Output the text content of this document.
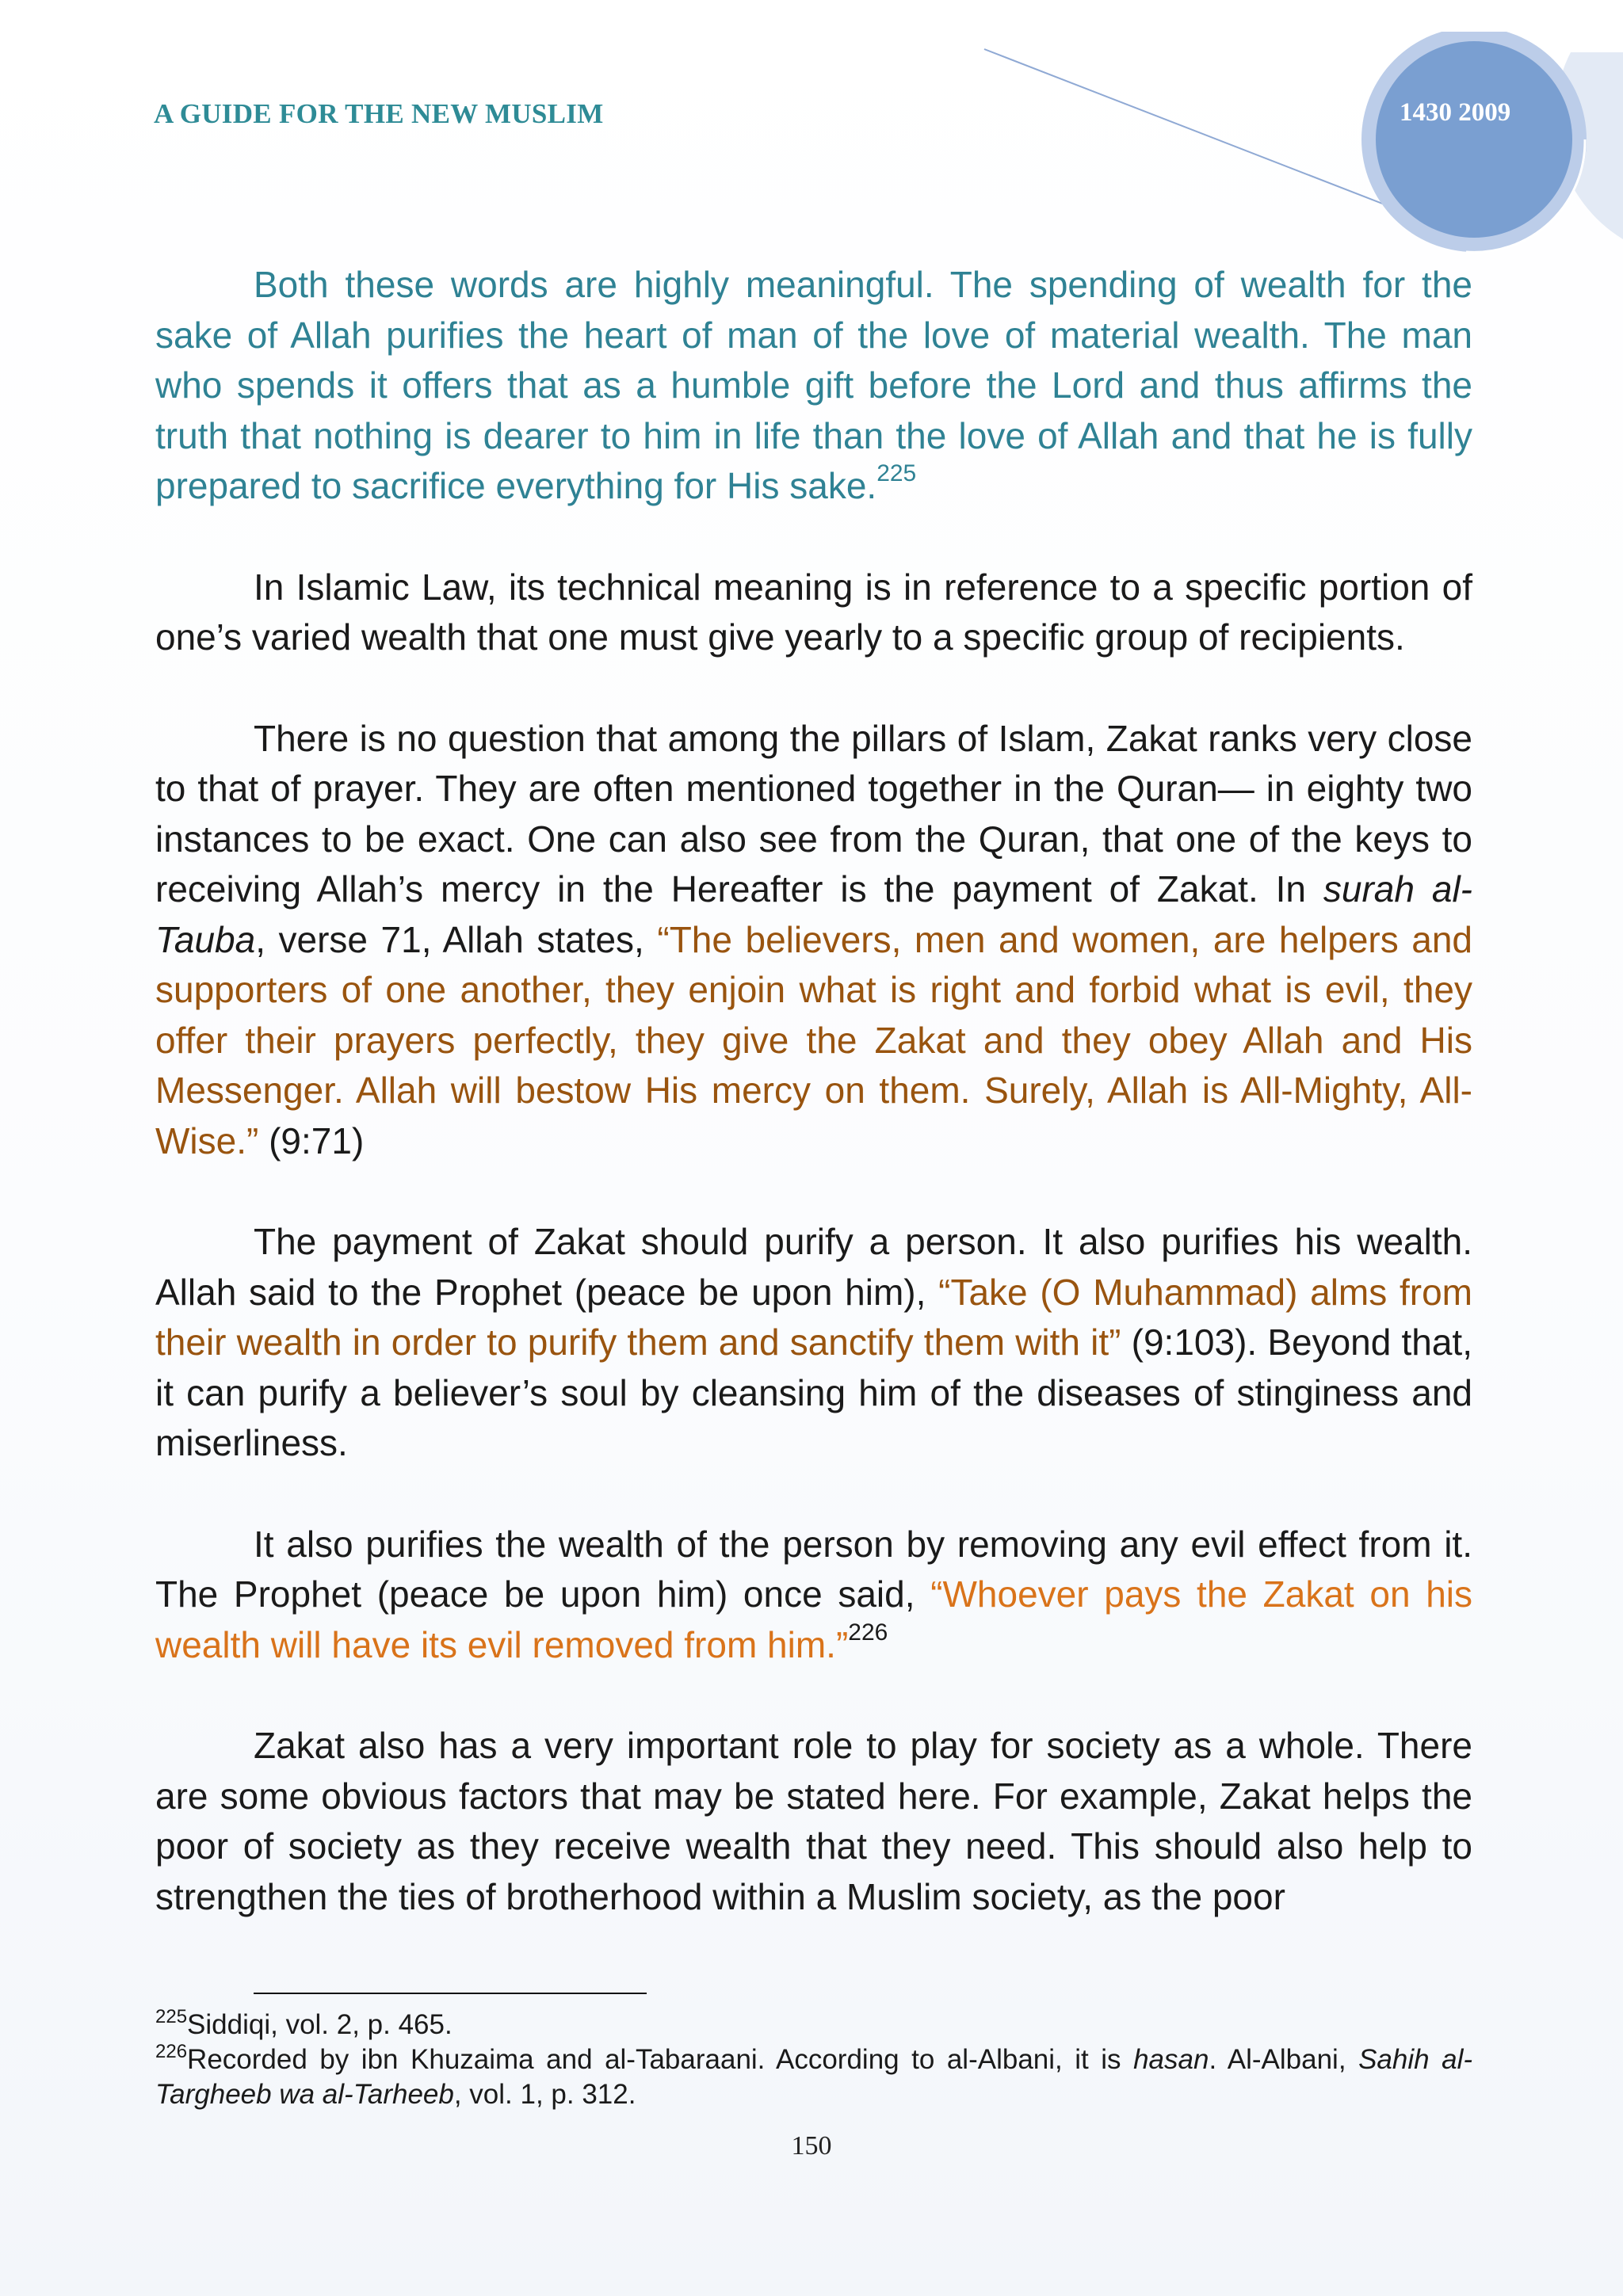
A GUIDE FOR THE NEW MUSLIM	1430 2009

Both these words are highly meaningful. The spending of wealth for the sake of Allah purifies the heart of man of the love of material wealth. The man who spends it offers that as a humble gift before the Lord and thus affirms the truth that nothing is dearer to him in life than the love of Allah and that he is fully prepared to sacrifice everything for His sake.$^{225}$

In Islamic Law, its technical meaning is in reference to a specific portion of one’s varied wealth that one must give yearly to a specific group of recipients.

There is no question that among the pillars of Islam, Zakat ranks very close to that of prayer. They are often mentioned together in the Quran— in eighty two instances to be exact. One can also see from the Quran, that one of the keys to receiving Allah’s mercy in the Hereafter is the payment of Zakat. In surah al-Tauba, verse 71, Allah states, “The believers, men and women, are helpers and supporters of one another, they enjoin what is right and forbid what is evil, they offer their prayers perfectly, they give the Zakat and they obey Allah and His Messenger. Allah will bestow His mercy on them. Surely, Allah is All-Mighty, All-Wise.” (9:71)

The payment of Zakat should purify a person. It also purifies his wealth. Allah said to the Prophet (peace be upon him), “Take (O Muhammad) alms from their wealth in order to purify them and sanctify them with it” (9:103). Beyond that, it can purify a believer’s soul by cleansing him of the diseases of stinginess and miserliness.

It also purifies the wealth of the person by removing any evil effect from it. The Prophet (peace be upon him) once said, “Whoever pays the Zakat on his wealth will have its evil removed from him.”$^{226}$

Zakat also has a very important role to play for society as a whole. There are some obvious factors that may be stated here. For example, Zakat helps the poor of society as they receive wealth that they need. This should also help to strengthen the ties of brotherhood within a Muslim society, as the poor

$^{225}$Siddiqi, vol. 2, p. 465.

$^{226}$Recorded by ibn Khuzaima and al-Tabaraani. According to al-Albani, it is hasan. Al-Albani, Sahih al-Targheeb wa al-Tarheeb, vol. 1, p. 312.

150
